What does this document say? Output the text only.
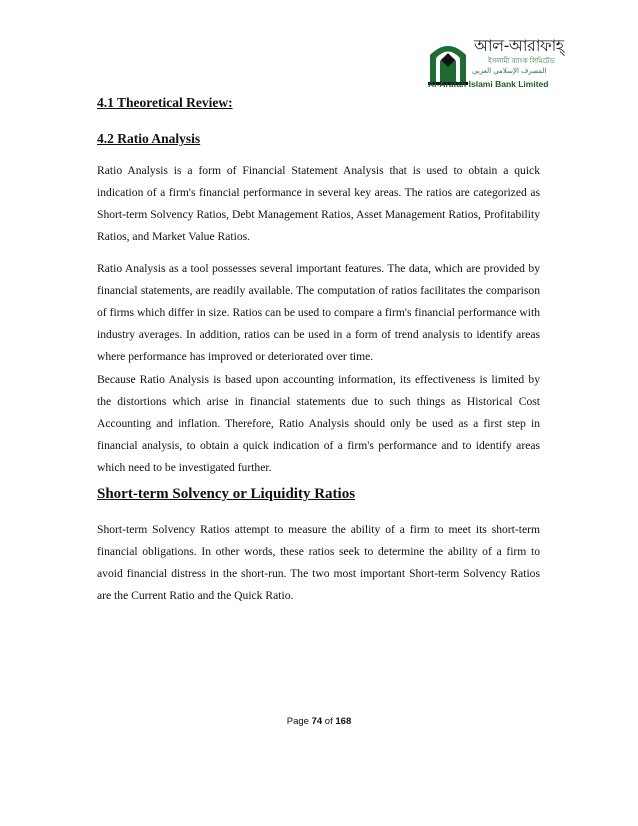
আল-আরাফাহ্
ইসলামী ব্যাংক লিমিটেড
المصرف الإسلامي العربي
Al-Arafah Islami Bank Limited
4.1 Theoretical Review:
4.2 Ratio Analysis

Ratio Analysis is a form of Financial Statement Analysis that is used to obtain a quick indication of a firm's financial performance in several key areas. The ratios are categorized as Short-term Solvency Ratios, Debt Management Ratios, Asset Management Ratios, Profitability Ratios, and Market Value Ratios.

Ratio Analysis as a tool possesses several important features. The data, which are provided by financial statements, are readily available. The computation of ratios facilitates the comparison of firms which differ in size. Ratios can be used to compare a firm's financial performance with industry averages. In addition, ratios can be used in a form of trend analysis to identify areas where performance has improved or deteriorated over time.

Because Ratio Analysis is based upon accounting information, its effectiveness is limited by the distortions which arise in financial statements due to such things as Historical Cost Accounting and inflation. Therefore, Ratio Analysis should only be used as a first step in financial analysis, to obtain a quick indication of a firm's performance and to identify areas which need to be investigated further.

Short-term Solvency or Liquidity Ratios

Short-term Solvency Ratios attempt to measure the ability of a firm to meet its short-term financial obligations. In other words, these ratios seek to determine the ability of a firm to avoid financial distress in the short-run. The two most important Short-term Solvency Ratios are the Current Ratio and the Quick Ratio.

Page 74 of 168
